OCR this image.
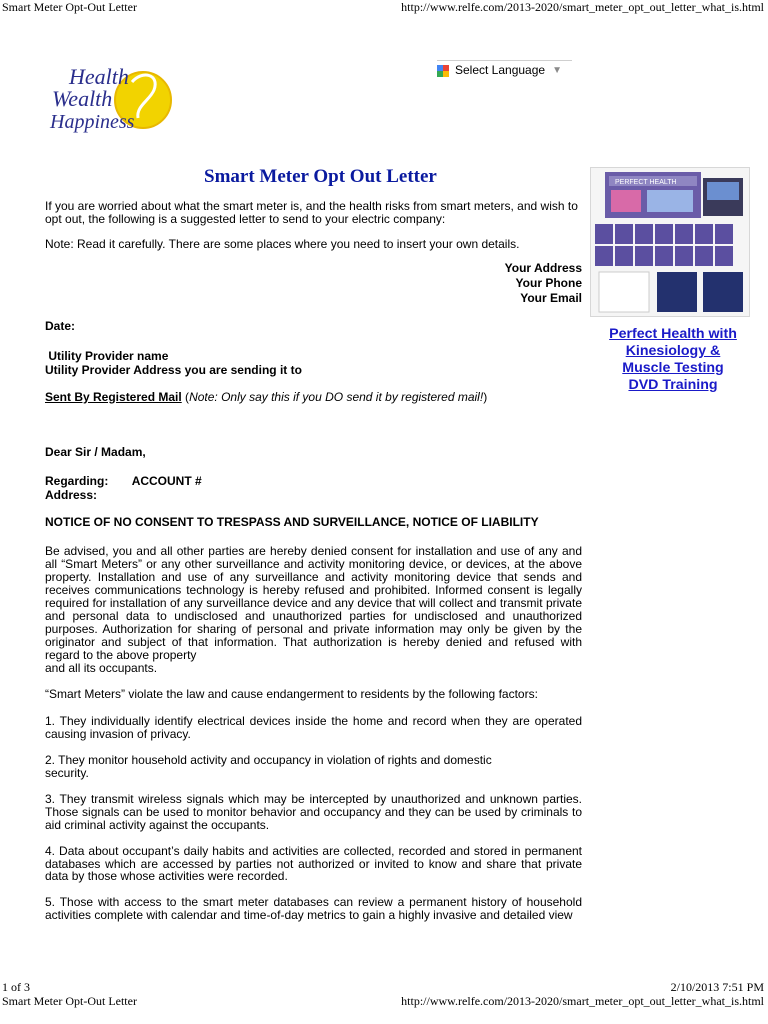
Smart Meter Opt-Out Letter	http://www.relfe.com/2013-2020/smart_meter_opt_out_letter_what_is.html
1 of 3	2/10/2013 7:51 PM
Smart Meter Opt-Out Letter	http://www.relfe.com/2013-2020/smart_meter_opt_out_letter_what_is.html
Health
Wealth
Happiness
Select Language ▼
Smart Meter Opt Out Letter	PERFECT HEALTH
Perfect Health with
Kinesiology &
Muscle Testing
DVD Training

If you are worried about what the smart meter is, and the health risks from smart meters, and wish to opt out, the following is a suggested letter to send to your electric company:

Note: Read it carefully. There are some places where you need to insert your own details.

Your Address

Your Phone

Your Email

Date:

Utility Provider name

Utility Provider Address you are sending it to

Sent By Registered Mail (Note: Only say this if you DO send it by registered mail!)

Dear Sir / Madam,

Regarding: ACCOUNT #

Address:

NOTICE OF NO CONSENT TO TRESPASS AND SURVEILLANCE, NOTICE OF LIABILITY

Be advised, you and all other parties are hereby denied consent for installation and use of any and all “Smart Meters” or any other surveillance and activity monitoring device, or devices, at the above property. Installation and use of any surveillance and activity monitoring device that sends and receives communications technology is hereby refused and prohibited. Informed consent is legally required for installation of any surveillance device and any device that will collect and transmit private and personal data to undisclosed and unauthorized parties for undisclosed and unauthorized purposes. Authorization for sharing of personal and private information may only be given by the originator and subject of that information. That authorization is hereby denied and refused with regard to the above property

and all its occupants.

“Smart Meters” violate the law and cause endangerment to residents by the following factors:

1. They individually identify electrical devices inside the home and record when they are operated causing invasion of privacy.

2. They monitor household activity and occupancy in violation of rights and domestic

security.

3. They transmit wireless signals which may be intercepted by unauthorized and unknown parties. Those signals can be used to monitor behavior and occupancy and they can be used by criminals to aid criminal activity against the occupants.

4. Data about occupant’s daily habits and activities are collected, recorded and stored in permanent databases which are accessed by parties not authorized or invited to know and share that private data by those whose activities were recorded.

5. Those with access to the smart meter databases can review a permanent history of household activities complete with calendar and time-of-day metrics to gain a highly invasive and detailed view
